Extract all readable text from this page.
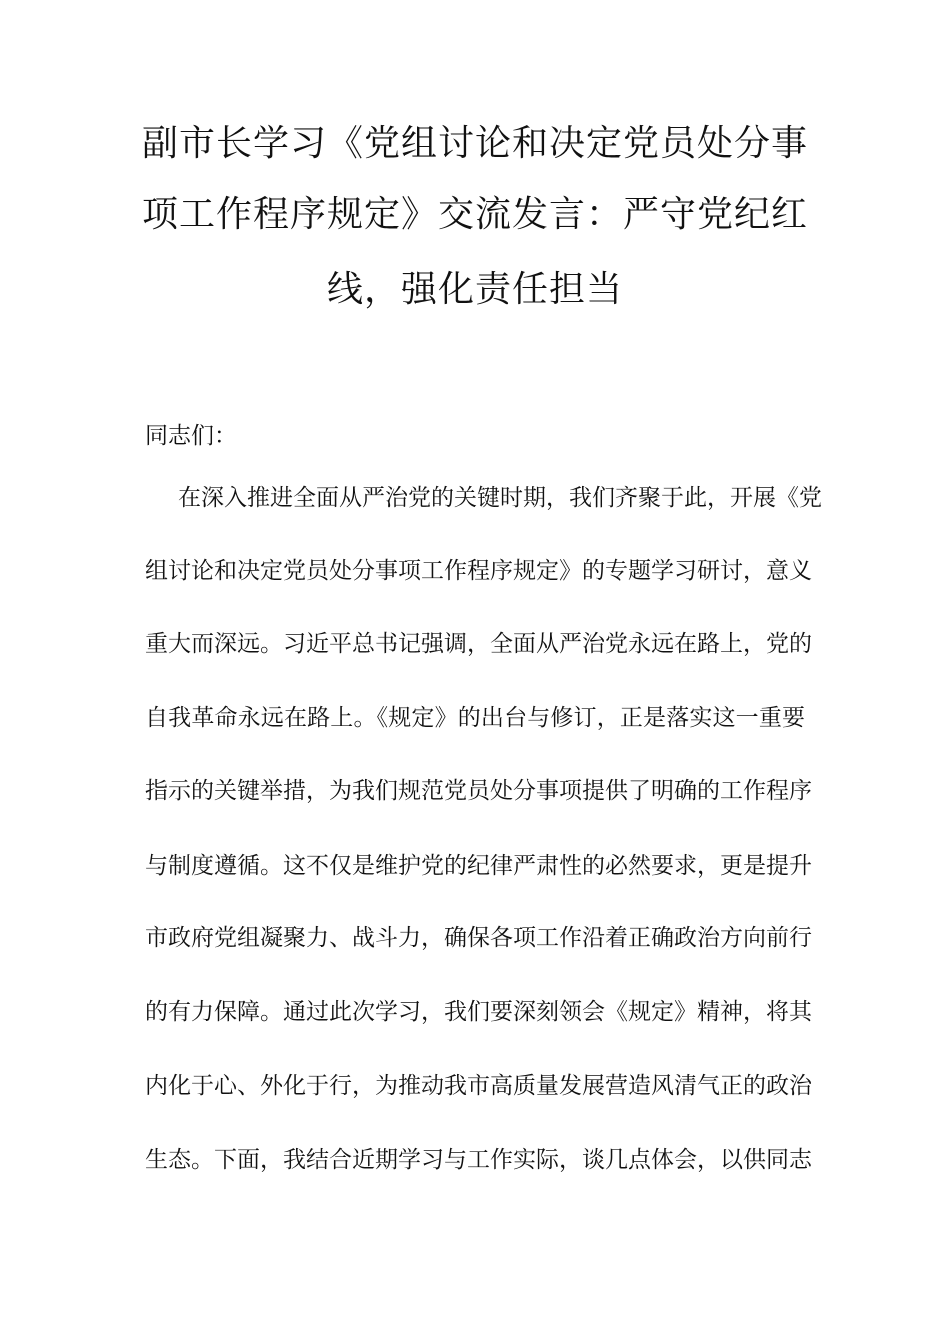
副市长学习《党组讨论和决定党员处分事
项工作程序规定》交流发言：严守党纪红
线，强化责任担当
同志们：
在深入推进全面从严治党的关键时期，我们齐聚于此，开展《党
组讨论和决定党员处分事项工作程序规定》的专题学习研讨，意义
重大而深远。习近平总书记强调，全面从严治党永远在路上，党的
自我革命永远在路上。《规定》的出台与修订，正是落实这一重要
指示的关键举措，为我们规范党员处分事项提供了明确的工作程序
与制度遵循。这不仅是维护党的纪律严肃性的必然要求，更是提升
市政府党组凝聚力、战斗力，确保各项工作沿着正确政治方向前行
的有力保障。通过此次学习，我们要深刻领会《规定》精神，将其
内化于心、外化于行，为推动我市高质量发展营造风清气正的政治
生态。下面，我结合近期学习与工作实际，谈几点体会，以供同志
